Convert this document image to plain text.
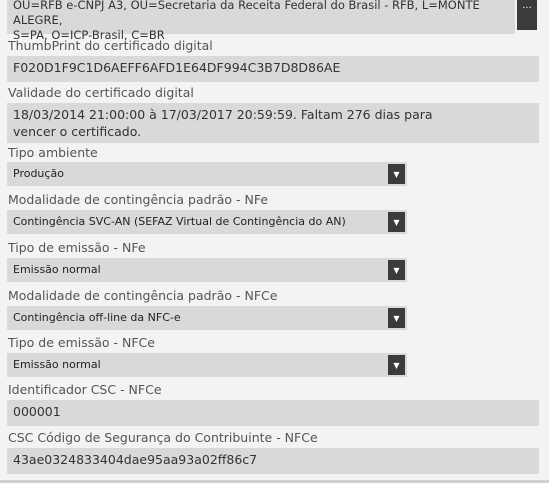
OU=RFB e-CNPJ A3, OU=Secretaria da Receita Federal do Brasil - RFB, L=MONTE ALEGRE,
S=PA, O=ICP-Brasil, C=BR
...
ThumbPrint do certificado digital
F020D1F9C1D6AEFF6AFD1E64DF994C3B7D8D86AE
Validade do certificado digital
18/03/2014 21:00:00 à 17/03/2017 20:59:59. Faltam 276 dias para vencer o certificado.
Tipo ambiente
Produção	▼
Modalidade de contingência padrão - NFe
Contingência SVC-AN (SEFAZ Virtual de Contingência do AN)	▼
Tipo de emissão - NFe
Emissão normal	▼
Modalidade de contingência padrão - NFCe
Contingência off-line da NFC-e	▼
Tipo de emissão - NFCe
Emissão normal	▼
Identificador CSC - NFCe
000001
CSC Código de Segurança do Contribuinte - NFCe
43ae0324833404dae95aa93a02ff86c7
